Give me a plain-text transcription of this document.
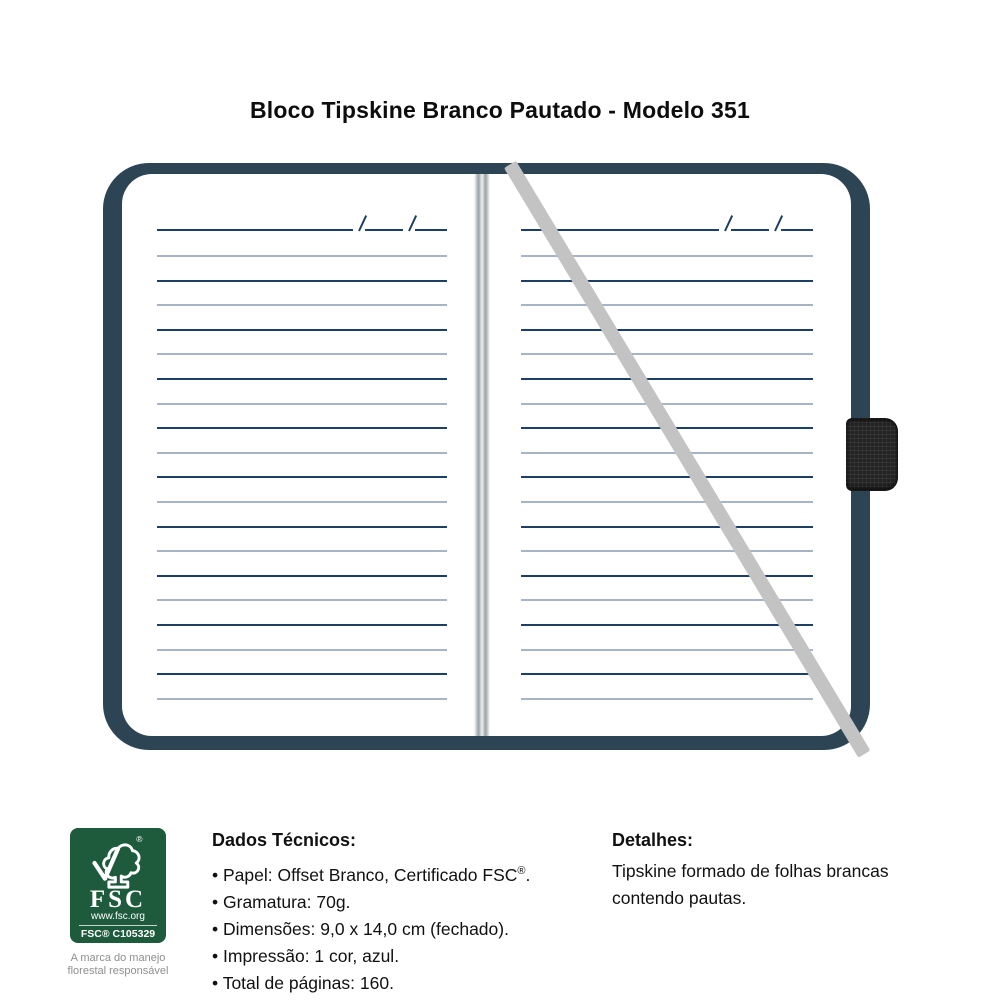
Bloco Tipskine Branco Pautado - Modelo 351
®
FSC
www.fsc.org
FSC® C105329
A marca do manejo
florestal responsável
Dados Técnicos:
• Papel: Offset Branco, Certificado FSC®.
• Gramatura: 70g.
• Dimensões: 9,0 x 14,0 cm (fechado).
• Impressão: 1 cor, azul.
• Total de páginas: 160.
Detalhes:
Tipskine formado de folhas brancas
contendo pautas.
